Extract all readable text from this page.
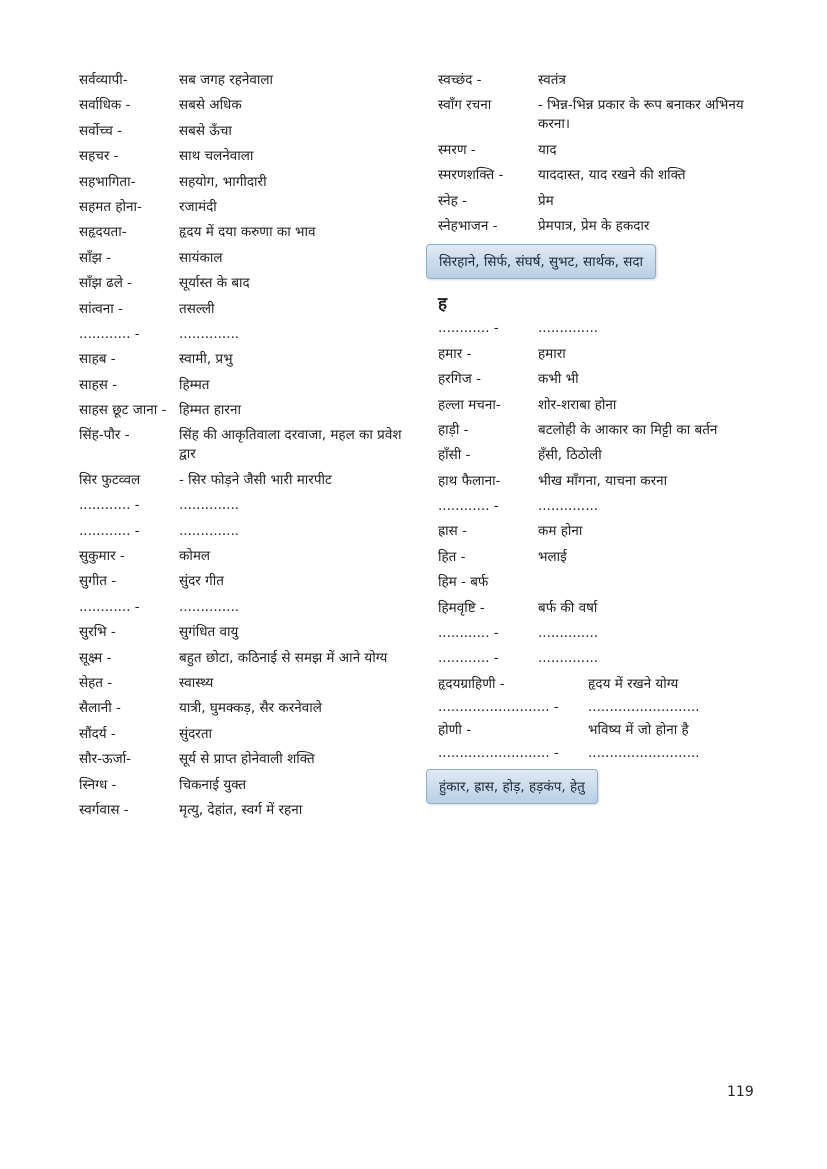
सर्वव्यापी-	सब जगह रहनेवाला
सर्वाधिक -	सबसे अधिक
सर्वोच्च -	सबसे ऊँचा
सहचर -	साथ चलनेवाला
सहभागिता-	सहयोग, भागीदारी
सहमत होना-	रजामंदी
सहृदयता-	हृदय में दया करुणा का भाव
साँझ -	सायंकाल
साँझ ढले -	सूर्यास्त के बाद
सांत्वना -	तसल्ली
............ -	..............
साहब -	स्वामी, प्रभु
साहस -	हिम्मत
साहस छूट जाना - हिम्मत हारना
सिंह-पौर -	सिंह की आकृतिवाला दरवाजा, महल का प्रवेश द्वार
सिर फुटव्वल	- सिर फोड़ने जैसी भारी मारपीट
............ -	..............
............ -	..............
सुकुमार -	कोमल
सुगीत -	सुंदर गीत
............ -	..............
सुरभि -	सुगंधित वायु
सूक्ष्म -	बहुत छोटा, कठिनाई से समझ में आने योग्य
सेहत -	स्वास्थ्य
सैलानी -	यात्री, घुमक्कड़, सैर करनेवाले
सौंदर्य -	सुंदरता
सौर-ऊर्जा-	सूर्य से प्राप्त होनेवाली शक्ति
स्निग्ध -	चिकनाई युक्त
स्वर्गवास -	मृत्यु, देहांत, स्वर्ग में रहना
स्वच्छंद -	स्वतंत्र
स्वाँग रचना	- भिन्न-भिन्न प्रकार के रूप बनाकर अभिनय करना।
स्मरण -	याद
स्मरणशक्ति -	याददास्त, याद रखने की शक्ति
स्नेह -	प्रेम
स्नेहभाजन -	प्रेमपात्र, प्रेम के हकदार
सिरहाने, सिर्फ, संघर्ष, सुभट, सार्थक, सदा
ह
............ -	..............
हमार -	हमारा
हरगिज -	कभी भी
हल्ला मचना-	शोर-शराबा होना
हाड़ी -	बटलोही के आकार का मिट्टी का बर्तन
हाँसी -	हँसी, ठिठोली
हाथ फैलाना-	भीख माँगना, याचना करना
............ -	..............
ह्रास -	कम होना
हित -	भलाई
हिम - बर्फ
हिमवृष्टि -	बर्फ की वर्षा
............ -	..............
............ -	..............
हृदयग्राहिणी -	हृदय में रखने योग्य
.......................... -	..........................
होणी -	भविष्य में जो होना है
.......................... -	..........................
हुंकार, ह्रास, होड़, हड़कंप, हेतु
119
